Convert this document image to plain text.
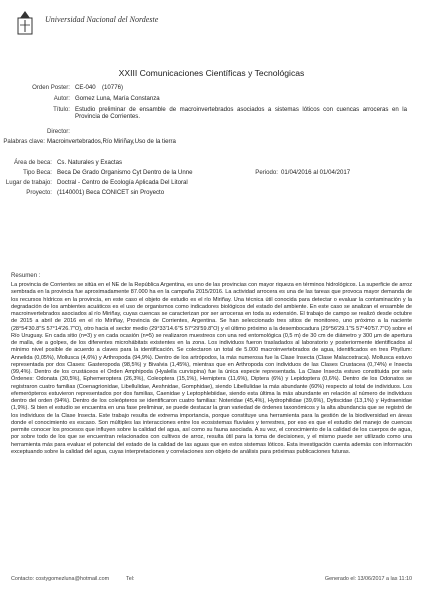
Universidad Nacional del Nordeste
XXIII Comunicaciones Científicas y Tecnológicas
Orden Poster: CE-040 (10776)
Autor: Gomez Luna, María Constanza
Título: Estudio preliminar de ensamble de macroinvertebrados asociados a sistemas lóticos con cuencas arroceras en la Provincia de Corrientes.
Director:
Palabras clave: Macroinvertebrados,Río Miriñay,Uso de la tierra
Área de beca: Cs. Naturales y Exactas
Tipo Beca: Beca De Grado Organismo Cyt Dentro de la Unne	Periodo: 01/04/2016 al 01/04/2017
Lugar de trabajo: Doctral - Centro de Ecología Aplicada Del Litoral
Proyecto: (1140001) Beca CONICET sin Proyecto
Resumen :

La provincia de Corrientes se sitúa en el NE de la República Argentina, es uno de las provincias con mayor riqueza en términos hidrológicos. La superficie de arroz sembrada en la provincia fue aproximadamente 87.000 ha en la campaña 2015/2016. La actividad arrocera es una de las tareas que provoca mayor demanda de los recursos hídricos en la provincia, en este caso el objeto de estudio es el río Miriñay. Una técnica útil conocida para detectar o evaluar la contaminación y la degradación de los ambientes acuáticos es el uso de organismos como indicadores biológicos del estado del ambiente. En este caso se analizan el ensamble de macroinvertebrados asociados al río Miriñay, cuyas cuencas se caracterizan por ser arroceras en toda su extensión. El trabajo de campo se realizó desde octubre de 2015 a abril de 2016 en el río Miriñay, Provincia de Corrientes, Argentina. Se han seleccionado tres sitios de monitoreo, uno próximo a la naciente (28°54'30.8"S 57°14'26.7"O), otro hacia el sector medio (29°33'14.6"S 57°29'59.8"O) y el último próximo a la desembocadura (29°56'29.1"S 57°40'57.7"O) sobre el Río Uruguay. En cada sitio (n=3) y en cada ocasión (n=5) se realizaron muestreos con una red entomológica (0,5 m) de 30 cm de diámetro y 300 µm de apertura de malla, de a golpes, de los diferentes microhábitats existentes en la zona. Los individuos fueron trasladados al laboratorio y posteriormente identificados al mínimo nivel posible de acuerdo a claves para la identificación. Se colectaron un total de 5.000 macroinvertebrados de agua, identificados en tres Phyllum: Annelida (0,05%), Mollusca (4,6%) y Arthropoda (94,9%). Dentro de los artrópodos, la más numerosa fue la Clase Insecta (Clase Malacostraca). Mollusca estuvo representada por dos Clases: Gasteropoda (98,5%) y Bivalvia (1,45%), mientras que en Arthropoda con individuos de las Clases Crustacea (0,74%) e Insecta (99,4%). Dentro de los crustáceos el Orden Amphipoda (Hyalella curvispina) fue la única especie representada. La Clase Insecta estuvo constituida por seis Órdenes: Odonata (30,5%), Ephemeroptera (26,3%), Coleoptera (15,1%), Hemiptera (11,6%), Diptera (6%) y Lepidoptera (0,6%). Dentro de los Odonatos se registraron cuatro familias (Coenagrionidae, Libellulidae, Aeshnidae, Gomphidae), siendo Libellulidae la más abundante (60%) respecto al total de individuos. Los efemerópteros estuvieron representados por dos familias, Caenidae y Leptophlebiidae, siendo esta última la más abundante en relación al número de individuos dentro del orden (94%). Dentro de los coleópteros se identificaron cuatro familias: Noteridae (45,4%), Hydrophilidae (39,6%), Dytiscidae (13,1%) y Hydraenidae (1,9%). Si bien el estudio se encuentra en una fase preliminar, se puede destacar la gran variedad de órdenes taxonómicos y la alta abundancia que se registró de los individuos de la Clase Insecta. Este trabajo resulta de extrema importancia, porque constituye una herramienta para la gestión de la biodiversidad en áreas donde el conocimiento es escaso. Son múltiples las interacciones entre los ecosistemas fluviales y terrestres, por eso es que el estudio del manejo de cuencas permite conocer los procesos que influyen sobre la calidad del agua, así como su fauna asociada. A su vez, el conocimiento de la calidad de los cuerpos de agua, por sobre todo de los que se encuentran relacionados con cultivos de arroz, resulta útil para la toma de decisiones, y el mismo puede ser utilizado como una herramienta más para evaluar el potencial del estado de la calidad de las aguas que en estos sistemas lóticos. Esta investigación cuenta además con información exceptuando sobre la calidad del agua, cuyas interpretaciones y correlaciones son objeto de análisis para próximas publicaciones futuras.

Contacto: costygomezluna@hotmail.com	Tel:	Generado el: 13/06/2017 a las 11:10
